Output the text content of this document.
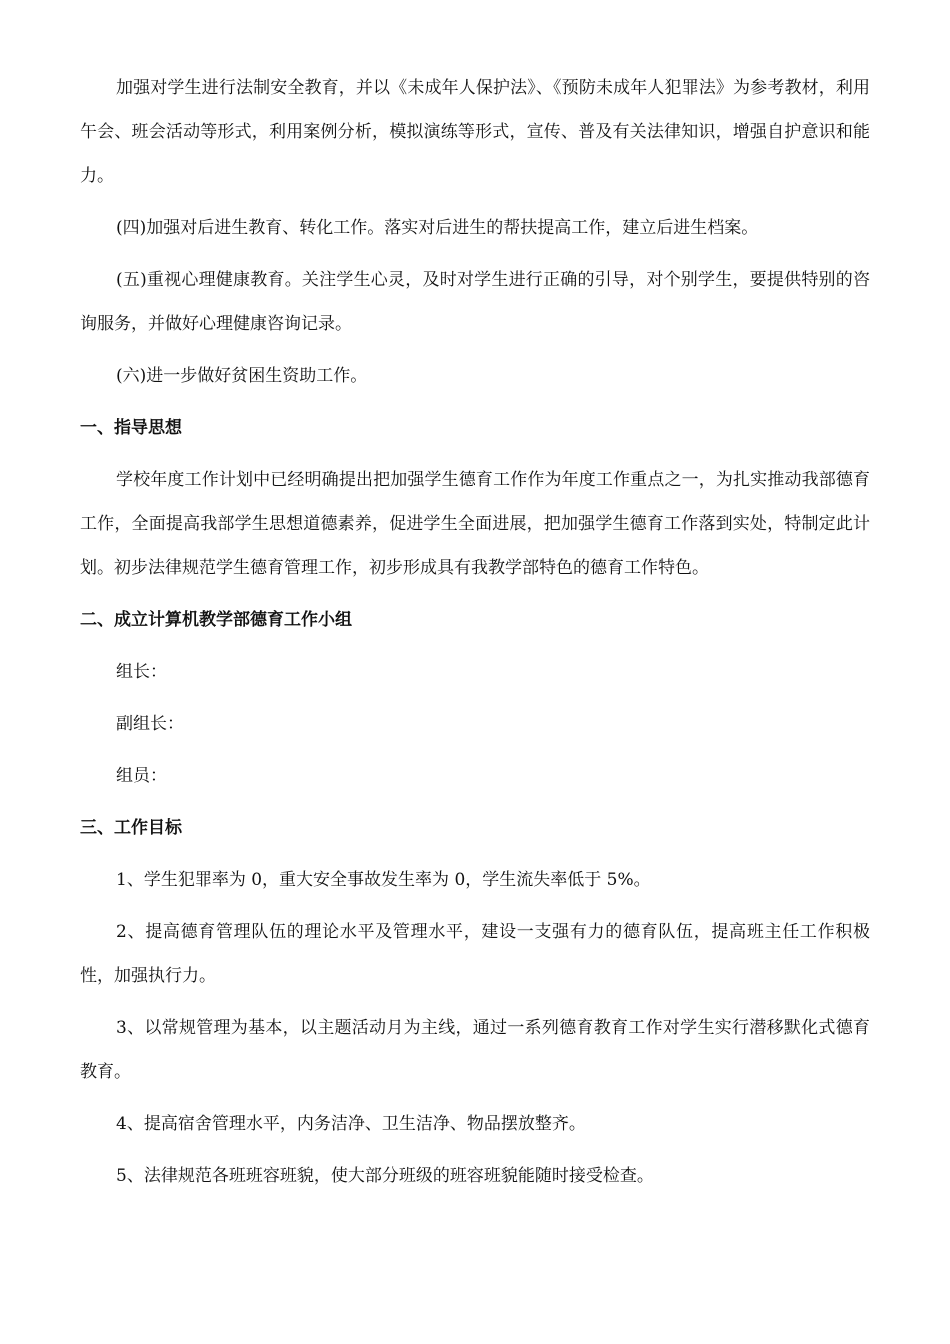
加强对学生进行法制安全教育，并以《未成年人保护法》、《预防未成年人犯罪法》为参考教材，利用午会、班会活动等形式，利用案例分析，模拟演练等形式，宣传、普及有关法律知识，增强自护意识和能力。

(四)加强对后进生教育、转化工作。落实对后进生的帮扶提高工作，建立后进生档案。

(五)重视心理健康教育。关注学生心灵，及时对学生进行正确的引导，对个别学生，要提供特别的咨询服务，并做好心理健康咨询记录。

(六)进一步做好贫困生资助工作。

一、指导思想

学校年度工作计划中已经明确提出把加强学生德育工作作为年度工作重点之一，为扎实推动我部德育工作，全面提高我部学生思想道德素养，促进学生全面进展，把加强学生德育工作落到实处，特制定此计划。初步法律规范学生德育管理工作，初步形成具有我教学部特色的德育工作特色。

二、成立计算机教学部德育工作小组

组长：

副组长：

组员：

三、工作目标

1、学生犯罪率为 0，重大安全事故发生率为 0，学生流失率低于 5%。

2、提高德育管理队伍的理论水平及管理水平，建设一支强有力的德育队伍，提高班主任工作积极性，加强执行力。

3、以常规管理为基本，以主题活动月为主线，通过一系列德育教育工作对学生实行潜移默化式德育教育。

4、提高宿舍管理水平，内务洁净、卫生洁净、物品摆放整齐。

5、法律规范各班班容班貌，使大部分班级的班容班貌能随时接受检查。
